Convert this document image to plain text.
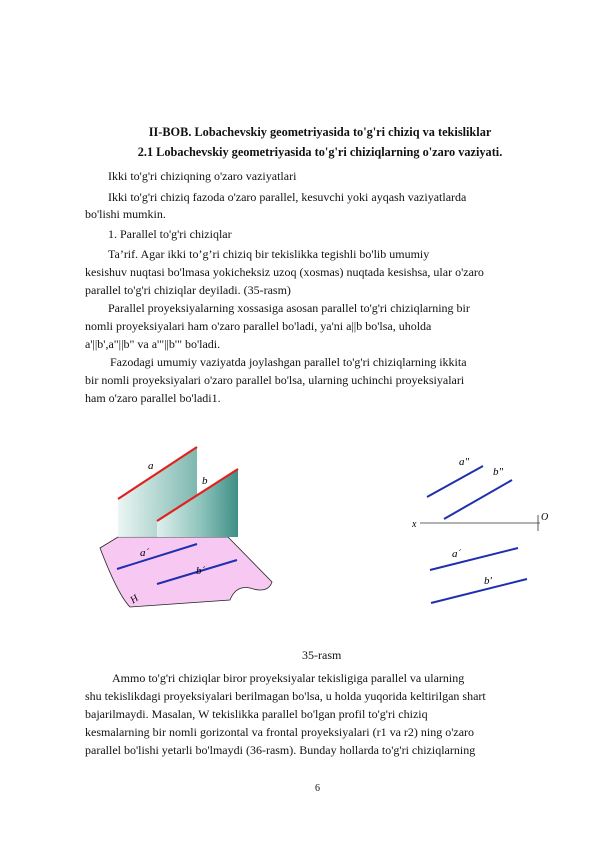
II-BOB. Lobachevskiy geometriyasida to'g'ri chiziq va tekisliklar
2.1 Lobachevskiy geometriyasida to'g'ri chiziqlarning o'zaro vaziyati.
Ikki to'g'ri chiziqning o'zaro vaziyatlari
Ikki to'g'ri chiziq fazoda o'zaro parallel, kesuvchi yoki ayqash vaziyatlarda
bo'lishi mumkin.
1. Parallel to'g'ri chiziqlar
Ta’rif. Agar ikki to’g’ri chiziq bir tekislikka tegishli bo'lib umumiy
kesishuv nuqtasi bo'lmasa yokicheksiz uzoq (xosmas) nuqtada kesishsa, ular o'zaro
parallel to'g'ri chiziqlar deyiladi. (35-rasm)
Parallel proyeksiyalarning xossasiga asosan parallel to'g'ri chiziqlarning bir
nomli proyeksiyalari ham o'zaro parallel bo'ladi, ya'ni a||b bo'lsa, uholda
a'||b',a"||b" va a'"||b'" bo'ladi.
Fazodagi umumiy vaziyatda joylashgan parallel to'g'ri chiziqlarning ikkita
bir nomli proyeksiyalari o'zaro parallel bo'lsa, ularning uchinchi proyeksiyalari
ham o'zaro parallel bo'ladi1.
a
b
a´
b´
H
a"
b"
x
O
a´
b'
35-rasm
Ammo to'g'ri chiziqlar biror proyeksiyalar tekisligiga parallel va ularning
shu tekislikdagi proyeksiyalari berilmagan bo'lsa, u holda yuqorida keltirilgan shart
bajarilmaydi. Masalan, W tekislikka parallel bo'lgan profil to'g'ri chiziq
kesmalarning bir nomli gorizontal va frontal proyeksiyalari (r1 va r2) ning o'zaro
parallel bo'lishi yetarli bo'lmaydi (36-rasm). Bunday hollarda to'g'ri chiziqlarning
6
